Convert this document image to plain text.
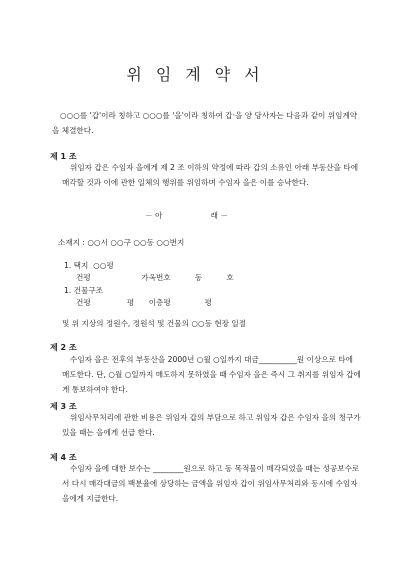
위임계약서
○○○를 '갑'이라 칭하고 ○○○를 '을'이라 칭하여 갑·을 양 당사자는 다음과 같이 위임계약을 체결한다.
제 1 조
위임자 갑은 수임자 을에게 제 2 조 이하의 약정에 따라 갑의 소유인 아래 부동산을 타에 매각할 것과 이에 관한 일체의 행위를 위임하며 수임자 을은 이를 승낙한다.
－ 아                    래 －
소재지 : ○○시 ○○구 ○○동 ○○번지
1. 택지  ○○평
건평                     가옥번호          동          호
1. 건물구조
건평               평      이층평              평
및 위 지상의 정원수, 정원석 및 건물의 ○○등 현장 일절
제 2 조
수임자 을은 전후의 부동산을 2000년 ○월 ○일까지 대금__________원 이상으로 타에 매도한다. 단, ○월 ○일까지 매도하지 못하였을 때 수임자 을은 즉시 그 취지를 위임자 갑에게 통보하여야 한다.
제 3 조
위임사무처리에 관한 비용은 위임자 갑의 부담으로 하고 위임자 갑은 수임자 을의 청구가 있을 때는 을에게 선급 한다.
제 4 조
수임자 을에 대한 보수는 ________원으로 하고 동 목적물이 매각되었을 때는 성공보수로서 다시 매각대금의 백분율에 상당하는 금액을 위임자 갑이 위임사무처리와 동시에 수임자 을에게 지급한다.
